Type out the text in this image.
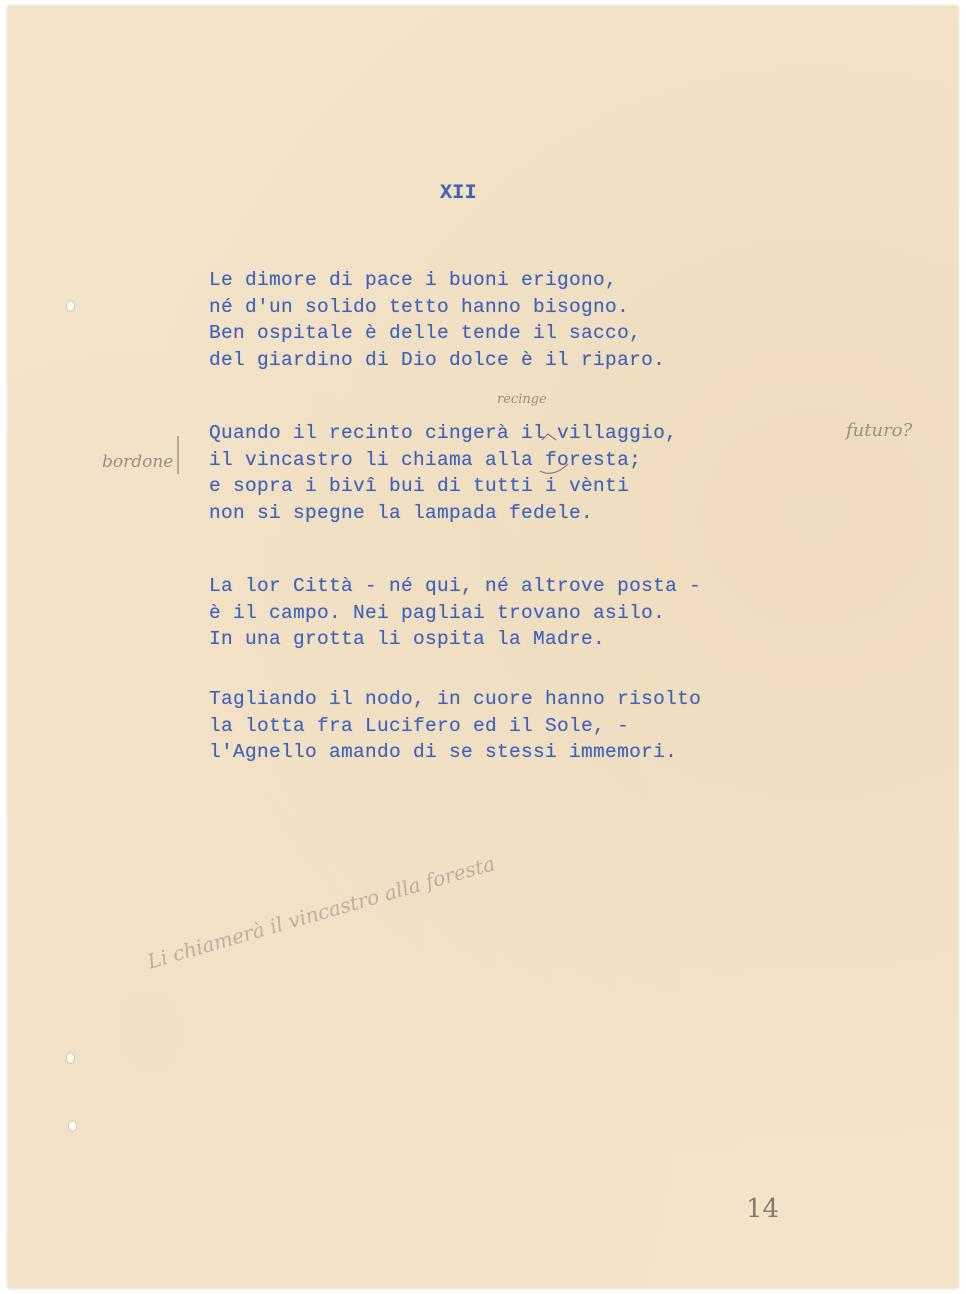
XII
Le dimore di pace i buoni erigono,
né d'un solido tetto hanno bisogno.
Ben ospitale è delle tende il sacco,
del giardino di Dio dolce è il riparo.
Quando il recinto cingerà il villaggio,
il vincastro li chiama alla foresta;
e sopra i bivî bui di tutti i vènti
non si spegne la lampada fedele.
La lor Città - né qui, né altrove posta -
è il campo. Nei pagliai trovano asilo.
In una grotta li ospita la Madre.
Tagliando il nodo, in cuore hanno risolto
la lotta fra Lucifero ed il Sole, -
l'Agnello amando di se stessi immemori.
recinge
bordone
futuro?
Li chiamerà il vincastro alla foresta
14
